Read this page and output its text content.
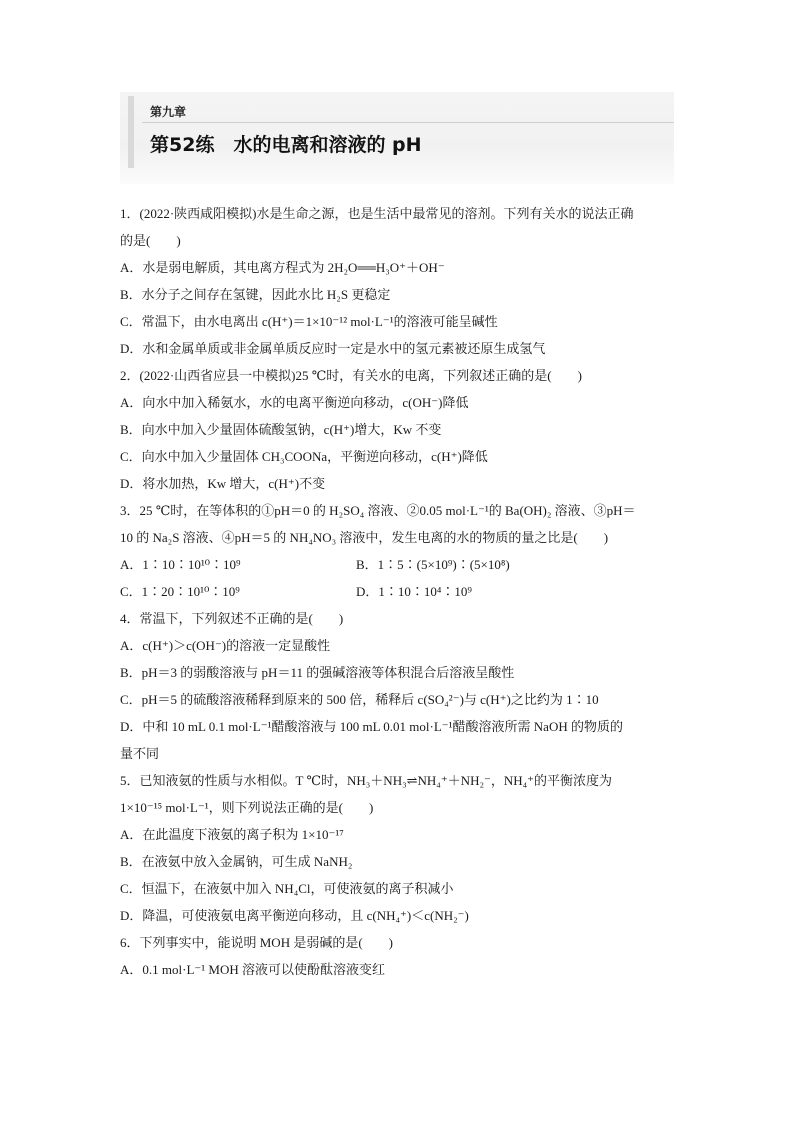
第九章
第52练　水的电离和溶液的 pH
1．(2022·陕西咸阳模拟)水是生命之源，也是生活中最常见的溶剂。下列有关水的说法正确
的是(　　)
A．水是弱电解质，其电离方程式为 2H₂O══H₃O⁺＋OH⁻
B．水分子之间存在氢键，因此水比 H₂S 更稳定
C．常温下，由水电离出 c(H⁺)＝1×10⁻¹² mol·L⁻¹的溶液可能呈碱性
D．水和金属单质或非金属单质反应时一定是水中的氢元素被还原生成氢气
2．(2022·山西省应县一中模拟)25 ℃时，有关水的电离，下列叙述正确的是(　　)
A．向水中加入稀氨水，水的电离平衡逆向移动，c(OH⁻)降低
B．向水中加入少量固体硫酸氢钠，c(H⁺)增大，Kw 不变
C．向水中加入少量固体 CH₃COONa，平衡逆向移动，c(H⁺)降低
D．将水加热，Kw 增大，c(H⁺)不变
3．25 ℃时，在等体积的①pH＝0 的 H₂SO₄ 溶液、②0.05 mol·L⁻¹的 Ba(OH)₂ 溶液、③pH＝
10 的 Na₂S 溶液、④pH＝5 的 NH₄NO₃ 溶液中，发生电离的水的物质的量之比是(　　)
A．1∶10∶10¹⁰∶10⁹	B．1∶5∶(5×10⁹)∶(5×10⁸)
C．1∶20∶10¹⁰∶10⁹	D．1∶10∶10⁴∶10⁹
4．常温下，下列叙述不正确的是(　　)
A．c(H⁺)＞c(OH⁻)的溶液一定显酸性
B．pH＝3 的弱酸溶液与 pH＝11 的强碱溶液等体积混合后溶液呈酸性
C．pH＝5 的硫酸溶液稀释到原来的 500 倍，稀释后 c(SO₄²⁻)与 c(H⁺)之比约为 1∶10
D．中和 10 mL 0.1 mol·L⁻¹醋酸溶液与 100 mL 0.01 mol·L⁻¹醋酸溶液所需 NaOH 的物质的
量不同
5．已知液氨的性质与水相似。T ℃时，NH₃＋NH₃⇌NH₄⁺＋NH₂⁻，NH₄⁺的平衡浓度为
1×10⁻¹⁵ mol·L⁻¹，则下列说法正确的是(　　)
A．在此温度下液氨的离子积为 1×10⁻¹⁷
B．在液氨中放入金属钠，可生成 NaNH₂
C．恒温下，在液氨中加入 NH₄Cl，可使液氨的离子积减小
D．降温，可使液氨电离平衡逆向移动，且 c(NH₄⁺)＜c(NH₂⁻)
6．下列事实中，能说明 MOH 是弱碱的是(　　)
A．0.1 mol·L⁻¹ MOH 溶液可以使酚酞溶液变红
